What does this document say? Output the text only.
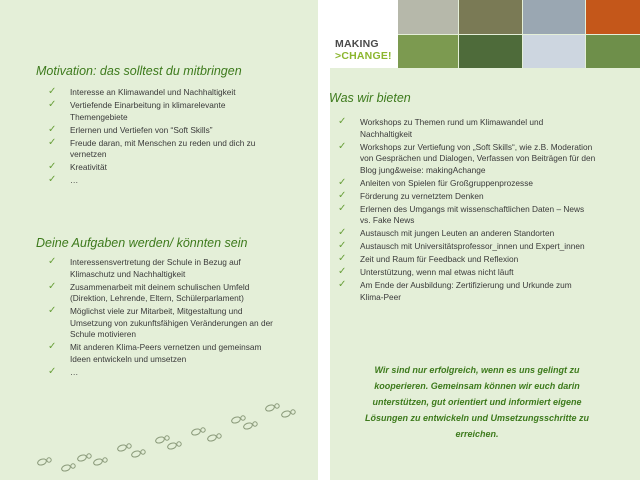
MAKING
>CHANGE!
Motivation: das solltest du mitbringen
✓ Interesse an Klimawandel und Nachhaltigkeit
✓ Vertiefende Einarbeitung in klimarelevante Themengebiete
✓ Erlernen und Vertiefen von “Soft Skills”
✓ Freude daran, mit Menschen zu reden und dich zu vernetzen
✓ Kreativität
✓ …
Deine Aufgaben werden/ könnten sein
✓ Interessensvertretung der Schule in Bezug auf Klimaschutz und Nachhaltigkeit
✓ Zusammenarbeit mit deinem schulischen Umfeld (Direktion, Lehrende, Eltern, Schülerparlament)
✓ Möglichst viele zur Mitarbeit, Mitgestaltung und Umsetzung von zukunftsfähigen Veränderungen an der Schule motivieren
✓ Mit anderen Klima-Peers vernetzen und gemeinsam Ideen entwickeln und umsetzen
✓ …
Was wir bieten
✓ Workshops zu Themen rund um Klimawandel und Nachhaltigkeit
✓ Workshops zur Vertiefung von „Soft Skills“, wie z.B. Moderation von Gesprächen und Dialogen, Verfassen von Beiträgen für den Blog jung&weise: makingAchange
✓ Anleiten von Spielen für Großgruppenprozesse
✓ Förderung zu vernetztem Denken
✓ Erlernen des Umgangs mit wissenschaftlichen Daten – News vs. Fake News
✓ Austausch mit jungen Leuten an anderen Standorten
✓ Austausch mit Universitätsprofessor_innen und Expert_innen
✓ Zeit und Raum für Feedback und Reflexion
✓ Unterstützung, wenn mal etwas nicht läuft
✓ Am Ende der Ausbildung: Zertifizierung und Urkunde zum Klima-Peer

Wir sind nur erfolgreich, wenn es uns gelingt zu kooperieren. Gemeinsam können wir euch darin unterstützen, gut orientiert und informiert eigene Lösungen zu entwickeln und Umsetzungsschritte zu erreichen.
